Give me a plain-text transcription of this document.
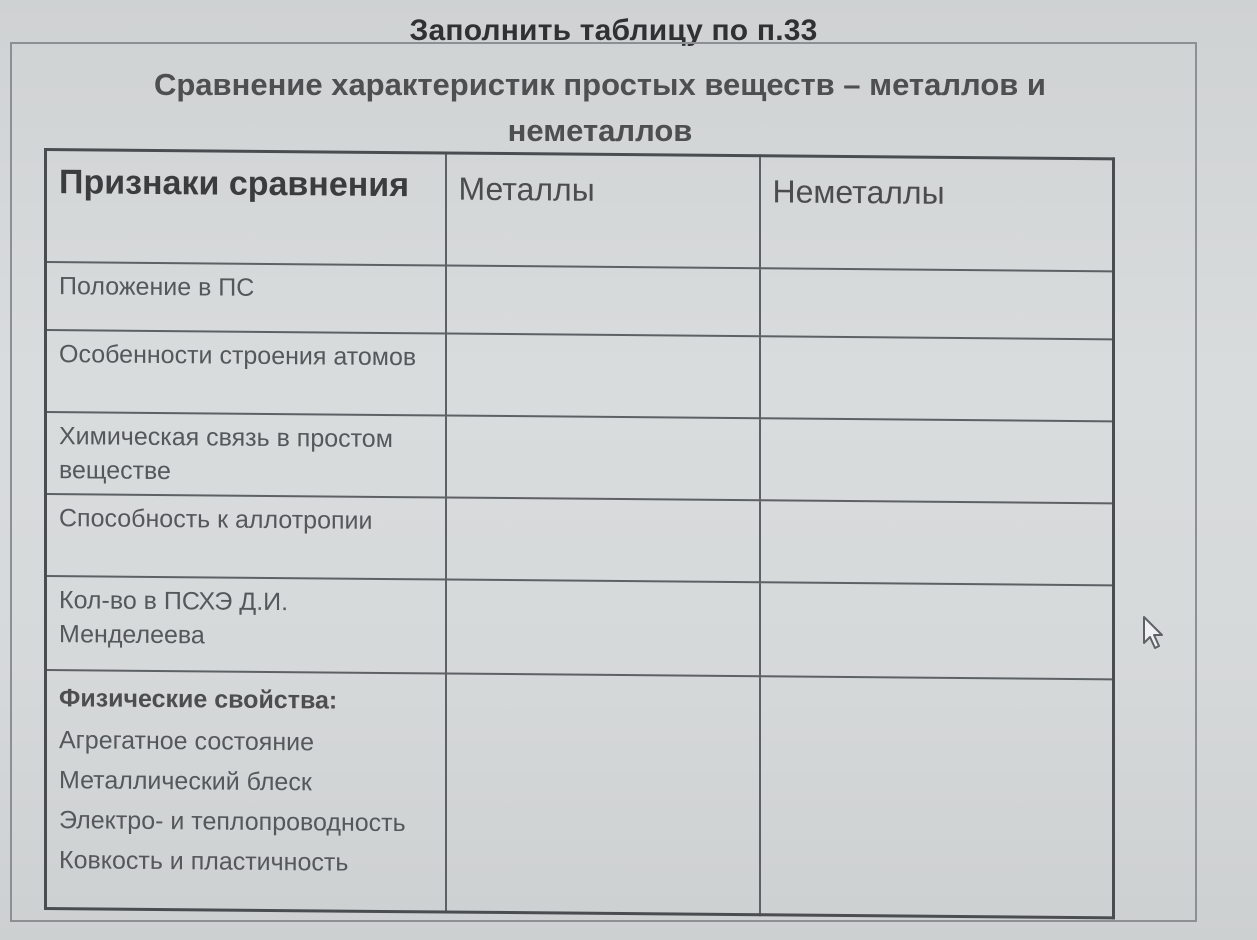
Заполнить таблицу по п.33
Сравнение характеристик простых веществ – металлов и неметаллов
Признаки сравнения	Металлы	Неметаллы
Положение в ПС		
Особенности строения атомов		
Химическая связь в простом веществе		
Способность к аллотропии		
Кол-во в ПСХЭ Д.И. Менделеева		

Физические свойства:
Агрегатное состояние
Металлический блеск
Электро- и теплопроводность
Ковкость и пластичность		
